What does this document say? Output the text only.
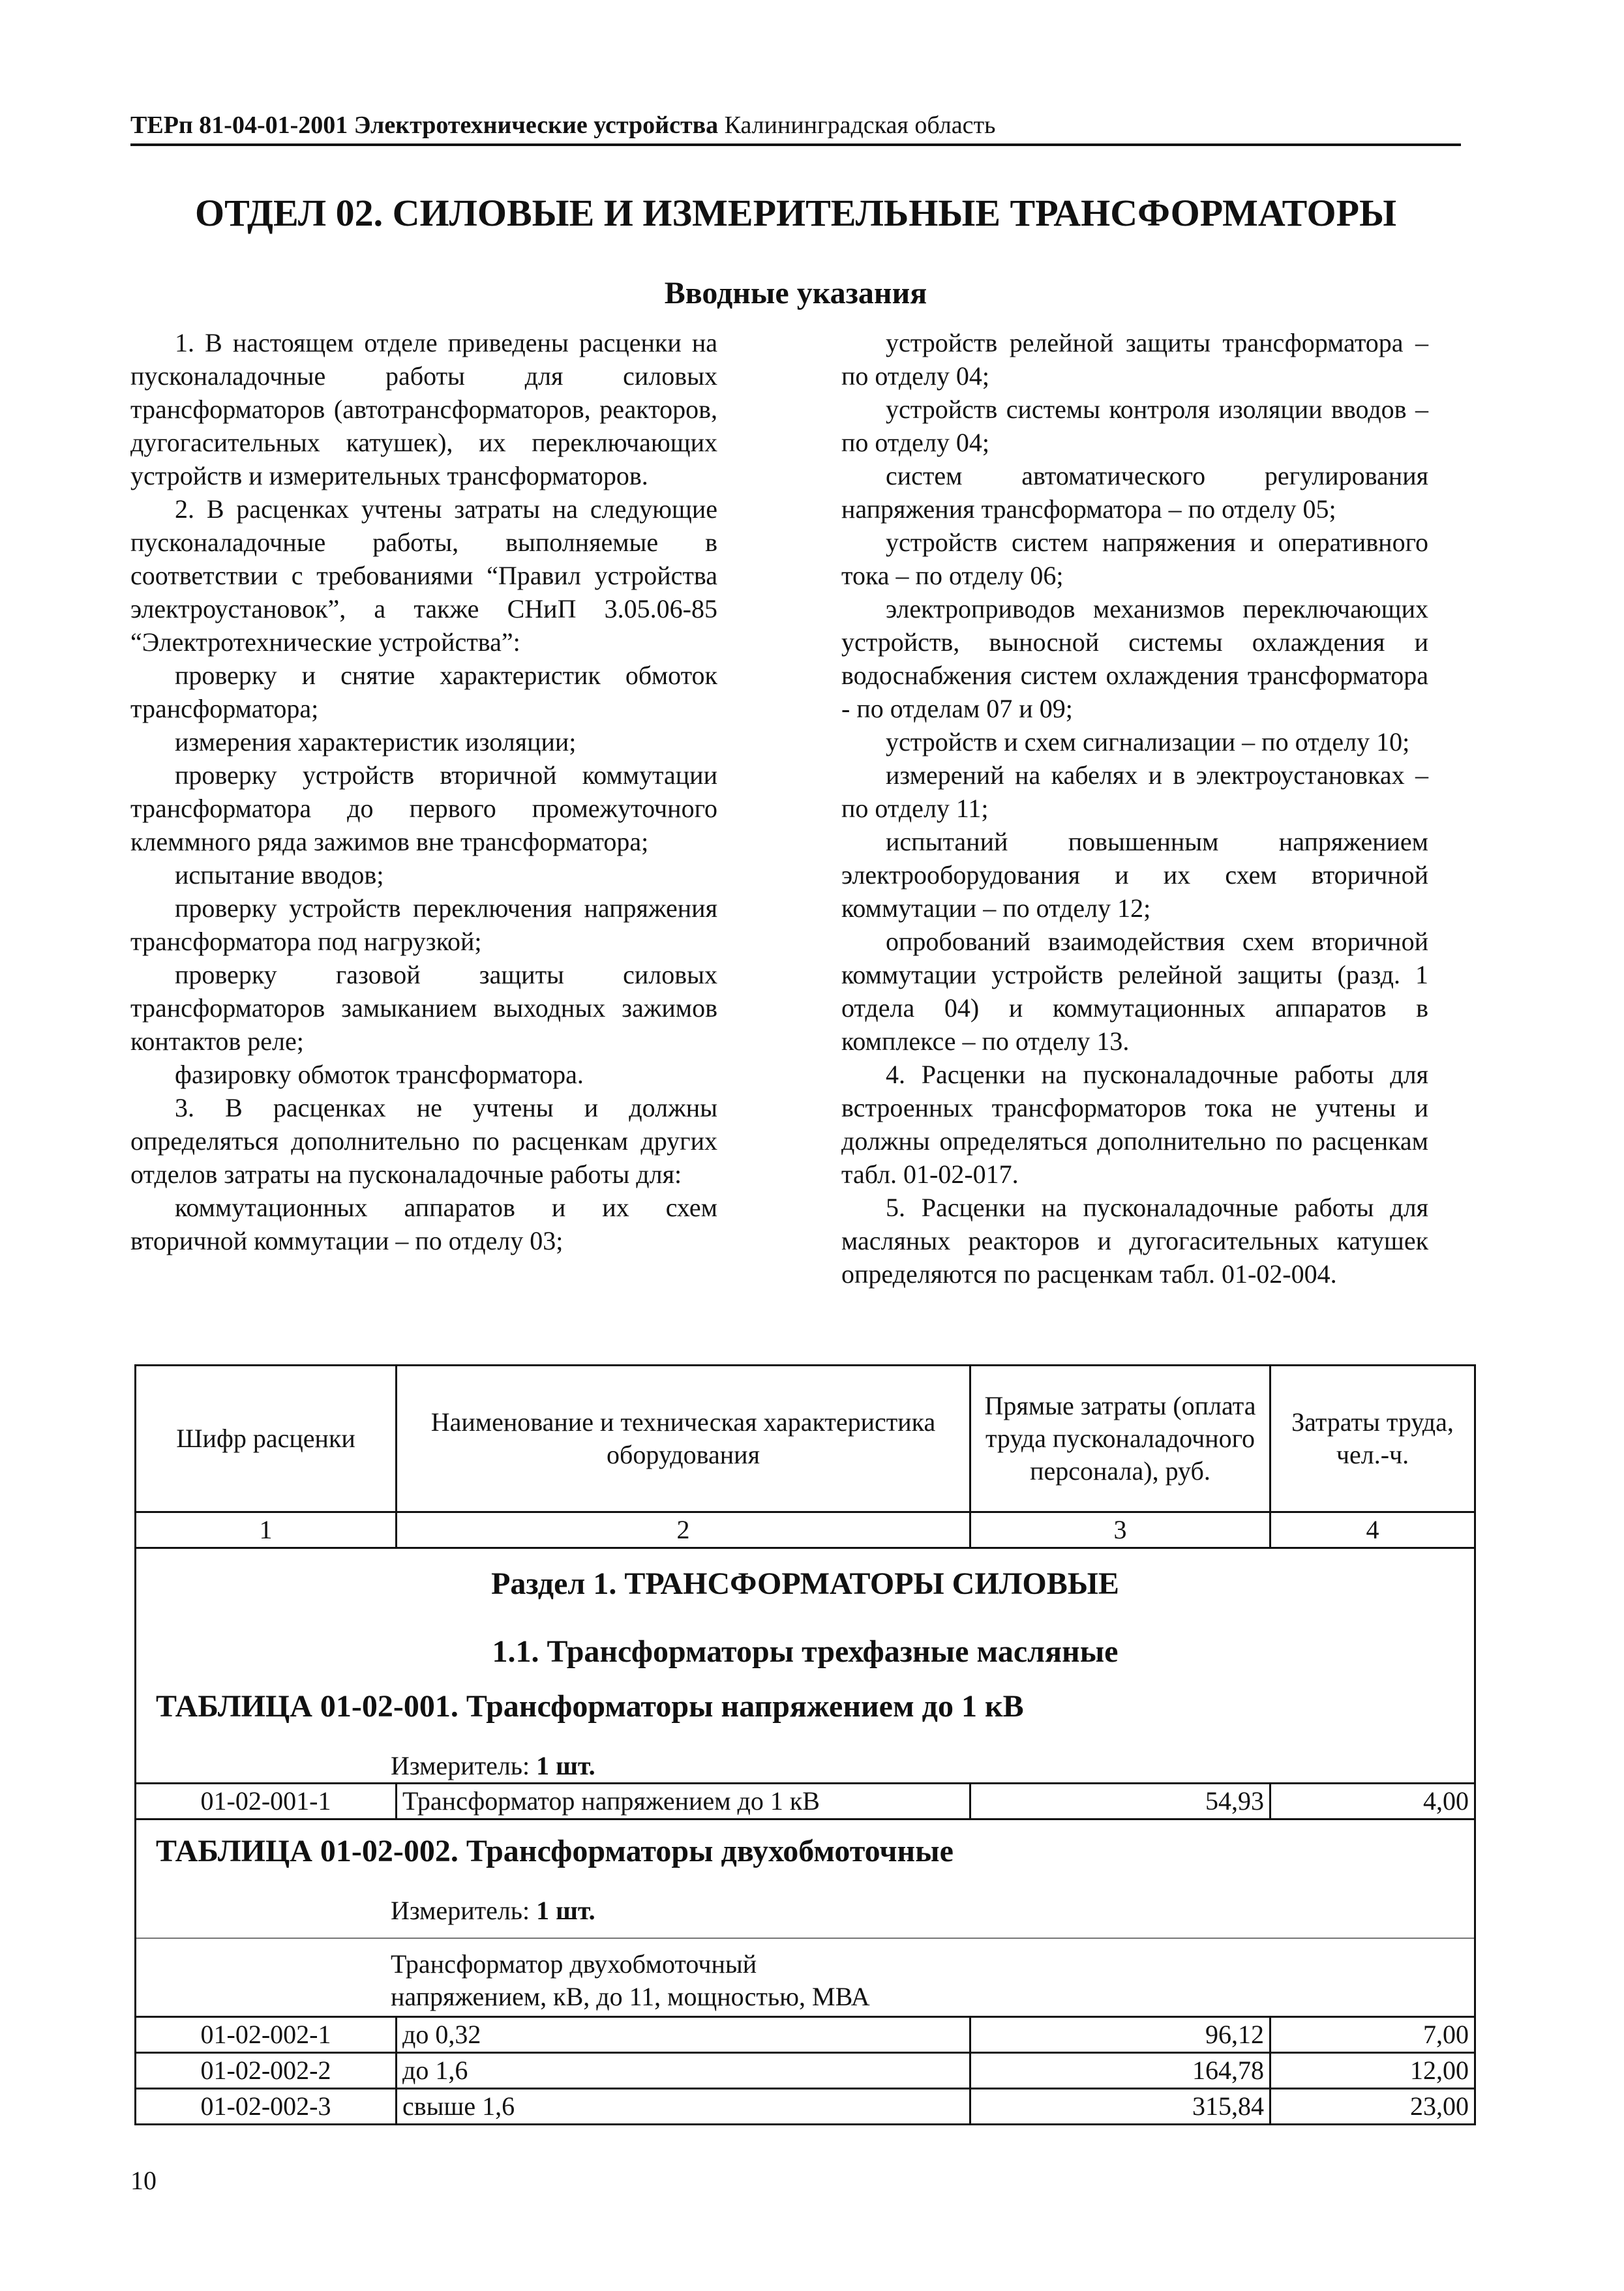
ТЕРп 81-04-01-2001 Электротехнические устройства Калининградская область
ОТДЕЛ 02. СИЛОВЫЕ И ИЗМЕРИТЕЛЬНЫЕ ТРАНСФОРМАТОРЫ
Вводные указания

1. В настоящем отделе приведены расценки на пусконаладочные работы для силовых трансформаторов (автотрансформаторов, реакторов, дугогасительных катушек), их переключающих устройств и измерительных трансформаторов.

2. В расценках учтены затраты на следующие пусконаладочные работы, выполняемые в соответствии с требованиями “Правил устройства электроустановок”, а также СНиП 3.05.06-85 “Электротехнические устройства”:

проверку и снятие характеристик обмоток трансформатора;

измерения характеристик изоляции;

проверку устройств вторичной коммутации трансформатора до первого промежуточного клеммного ряда зажимов вне трансформатора;

испытание вводов;

проверку устройств переключения напряжения трансформатора под нагрузкой;

проверку газовой защиты силовых трансформаторов замыканием выходных зажимов контактов реле;

фазировку обмоток трансформатора.

3. В расценках не учтены и должны определяться дополнительно по расценкам других отделов затраты на пусконаладочные работы для:

коммутационных аппаратов и их схем вторичной коммутации – по отделу 03;

устройств релейной защиты трансформатора – по отделу 04;

устройств системы контроля изоляции вводов – по отделу 04;

систем автоматического регулирования напряжения трансформатора – по отделу 05;

устройств систем напряжения и оперативного тока – по отделу 06;

электроприводов механизмов переключающих устройств, выносной системы охлаждения и водоснабжения систем охлаждения трансформатора - по отделам 07 и 09;

устройств и схем сигнализации – по отделу 10;

измерений на кабелях и в электроустановках – по отделу 11;

испытаний повышенным напряжением электрооборудования и их схем вторичной коммутации – по отделу 12;

опробований взаимодействия схем вторичной коммутации устройств релейной защиты (разд. 1 отдела 04) и коммутационных аппаратов в комплексе – по отделу 13.

4. Расценки на пусконаладочные работы для встроенных трансформаторов тока не учтены и должны определяться дополнительно по расценкам табл. 01-02-017.

5. Расценки на пусконаладочные работы для масляных реакторов и дугогасительных катушек определяются по расценкам табл. 01-02-004.

Шифр расценки	Наименование и техническая характеристика оборудования	Прямые затраты (оплата труда пусконаладочного персонала), руб.	Затраты труда, чел.-ч.
1	2	3	4

Раздел 1. ТРАНСФОРМАТОРЫ СИЛОВЫЕ
1.1. Трансформаторы трехфазные масляные
ТАБЛИЦА 01-02-001. Трансформаторы напряжением до 1 кВ
Измеритель: 1 шт.			

01-02-001-1	Трансформатор напряжением до 1 кВ	54,93	4,00

ТАБЛИЦА 01-02-002. Трансформаторы двухобмоточные
Измеритель: 1 шт.			

Трансформатор двухобмоточный
напряжением, кВ, до 11, мощностью, МВА			

01-02-002-1	до 0,32	96,12	7,00
01-02-002-2	до 1,6	164,78	12,00
01-02-002-3	свыше 1,6	315,84	23,00
10
